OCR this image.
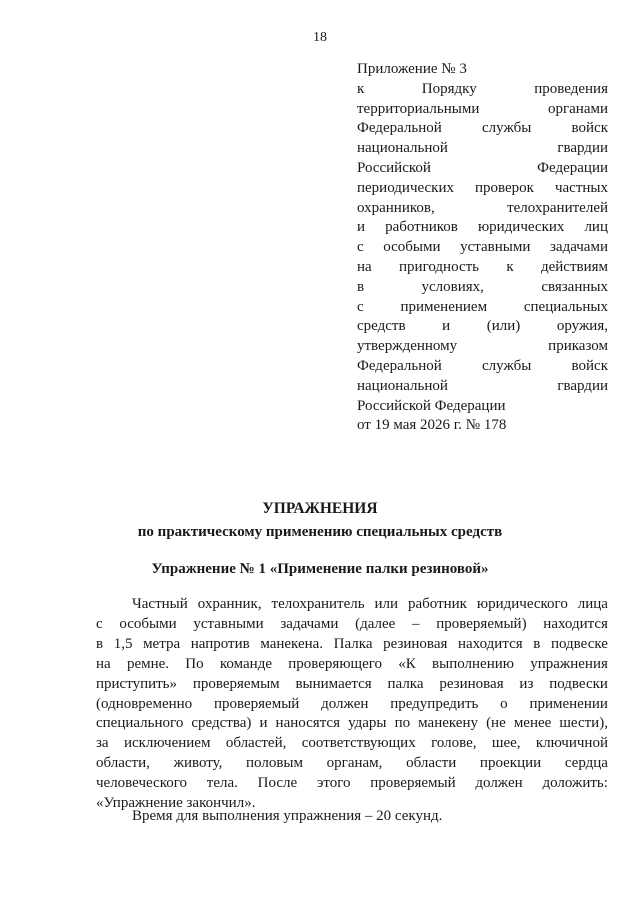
18
Приложение № 3
к	Порядку	проведения
территориальными	органами
Федеральной	службы	войск
национальной	гвардии
Российской	Федерации
периодических проверок частных
охранников,	телохранителей
и работников юридических лиц
с особыми уставными задачами
на пригодность к действиям
в	условиях,	связанных
с применением специальных
средств и (или) оружия,
утвержденному	приказом
Федеральной	службы	войск
национальной	гвардии
Российской Федерации
от 19 мая 2026 г. № 178
УПРАЖНЕНИЯ
по практическому применению специальных средств
Упражнение № 1 «Применение палки резиновой»
Частный охранник, телохранитель или работник юридического лица
с особыми уставными задачами (далее – проверяемый) находится
в 1,5 метра напротив манекена. Палка резиновая находится в подвеске
на ремне. По команде проверяющего «К выполнению упражнения
приступить» проверяемым вынимается палка резиновая из подвески
(одновременно проверяемый должен предупредить о применении
специального средства) и наносятся удары по манекену (не менее шести),
за исключением областей, соответствующих голове, шее, ключичной
области, животу, половым органам, области проекции сердца
человеческого тела. После этого проверяемый должен доложить:
«Упражнение закончил».
Время для выполнения упражнения – 20 секунд.
